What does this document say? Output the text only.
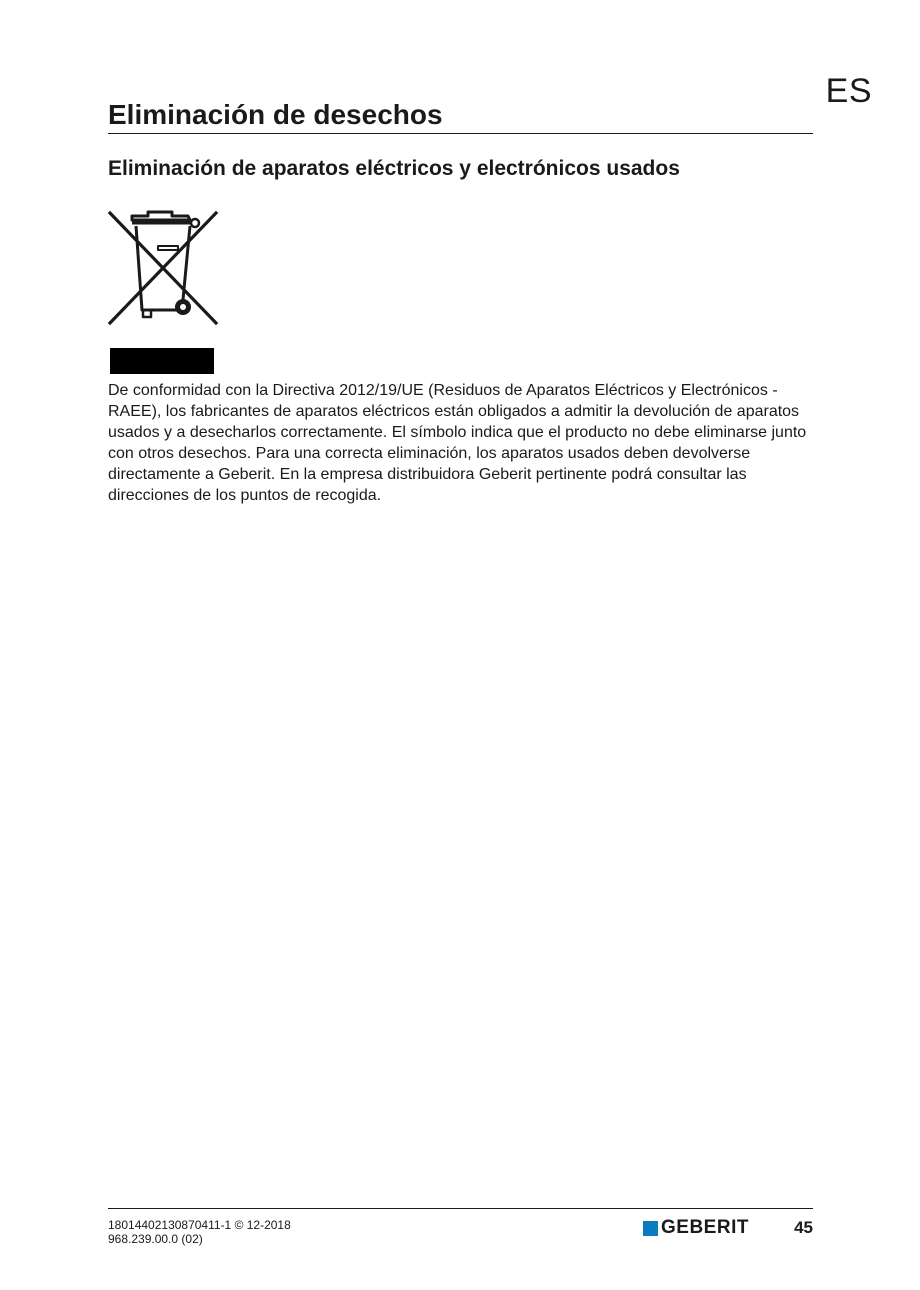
ES
Eliminación de desechos
Eliminación de aparatos eléctricos y electrónicos usados

De conformidad con la Directiva 2012/19/UE (Residuos de Aparatos Eléctricos y Electrónicos - RAEE), los fabricantes de aparatos eléctricos están obligados a admitir la devolución de aparatos usados y a desecharlos correctamente. El símbolo indica que el producto no debe eliminarse junto con otros desechos. Para una correcta eliminación, los aparatos usados deben devolverse directamente a Geberit. En la empresa distribuidora Geberit pertinente podrá consultar las direcciones de los puntos de recogida.

18014402130870411-1 © 12-2018
968.239.00.0 (02)
GEBERIT	45
